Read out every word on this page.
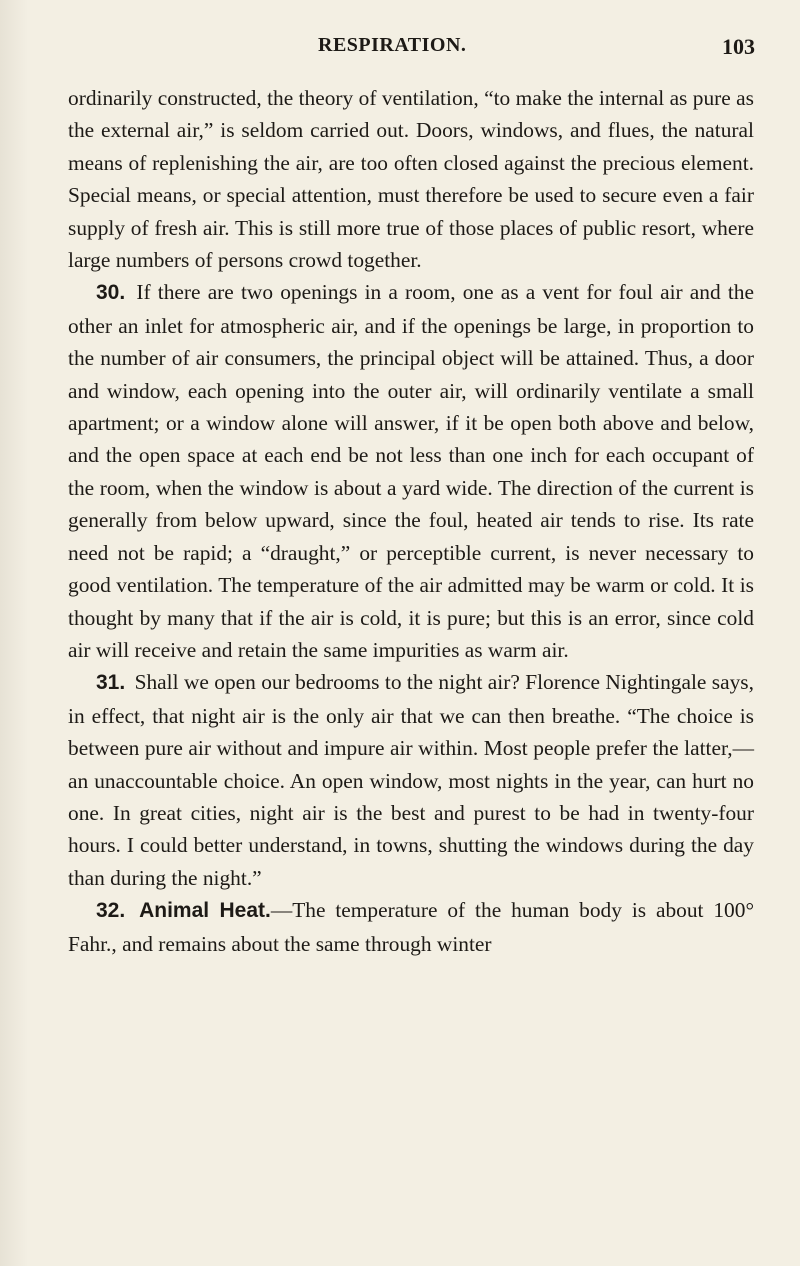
RESPIRATION.	103

ordinarily constructed, the theory of ventilation, “to make the internal as pure as the external air,” is seldom carried out. Doors, windows, and flues, the natural means of replenishing the air, are too often closed against the precious element. Special means, or special attention, must therefore be used to secure even a fair supply of fresh air. This is still more true of those places of public resort, where large numbers of persons crowd together.

30. If there are two openings in a room, one as a vent for foul air and the other an inlet for atmospheric air, and if the openings be large, in proportion to the number of air consumers, the principal object will be attained. Thus, a door and window, each opening into the outer air, will ordinarily ventilate a small apartment; or a window alone will answer, if it be open both above and below, and the open space at each end be not less than one inch for each occupant of the room, when the window is about a yard wide. The direction of the current is generally from below upward, since the foul, heated air tends to rise. Its rate need not be rapid; a “draught,” or perceptible current, is never necessary to good ventilation. The temperature of the air admitted may be warm or cold. It is thought by many that if the air is cold, it is pure; but this is an error, since cold air will receive and retain the same impurities as warm air.

31. Shall we open our bedrooms to the night air? Florence Nightingale says, in effect, that night air is the only air that we can then breathe. “The choice is between pure air without and impure air within. Most people prefer the latter,—an unaccountable choice. An open window, most nights in the year, can hurt no one. In great cities, night air is the best and purest to be had in twenty-four hours. I could better understand, in towns, shutting the windows during the day than during the night.”

32. Animal Heat.—The temperature of the human body is about 100° Fahr., and remains about the same through winter
